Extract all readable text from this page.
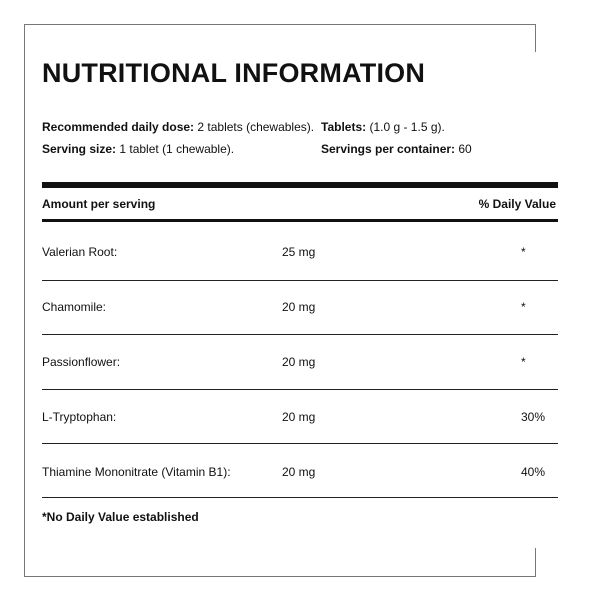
NUTRITIONAL INFORMATION
Recommended daily dose: 2 tablets (chewables). Tablets: (1.0 g - 1.5 g).
Serving size: 1 tablet (1 chewable).	Servings per container: 60
Amount per serving	% Daily Value
Valerian Root:	25 mg	*
Chamomile:	20 mg	*
Passionflower:	20 mg	*
L-Tryptophan:	20 mg	30%
Thiamine Mononitrate (Vitamin B1):	20 mg	40%
*No Daily Value established
